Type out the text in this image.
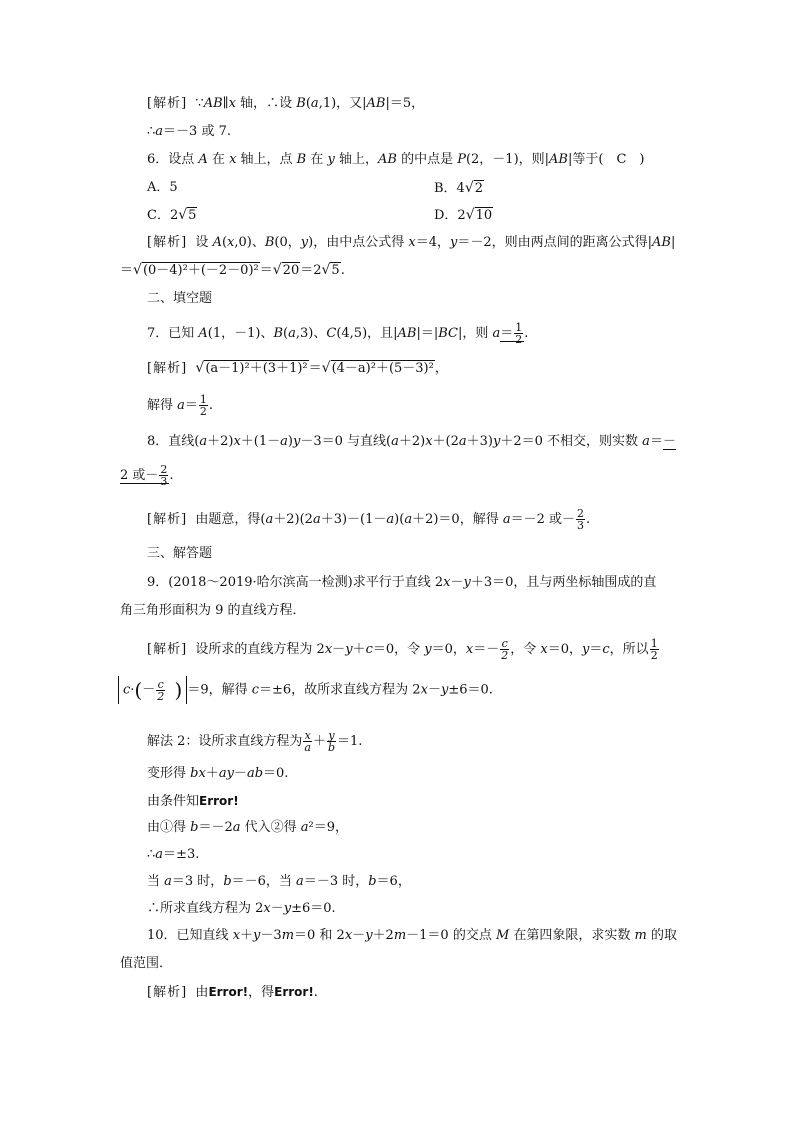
[解析] ∵AB∥x 轴，∴设 B(a,1)，又|AB|＝5，
∴a＝－3 或 7.
6．设点 A 在 x 轴上，点 B 在 y 轴上，AB 的中点是 P(2，－1)，则|AB|等于(　C　)
A．5	B．4√2
C．2√5	D．2√10
[解析] 设 A(x,0)、B(0，y)，由中点公式得 x＝4，y＝－2，则由两点间的距离公式得|AB|
＝√(0－4)²＋(－2－0)²＝√20＝2√5.
二、填空题
7．已知 A(1，－1)、B(a,3)、C(4,5)，且|AB|＝|BC|，则 $a= \frac{1}{2}$ .
[解析] √(a－1)²＋(3＋1)²＝√(4－a)²＋(5－3)²，
解得 $a= \frac{1}{2}$ .
8．直线(a＋2)x＋(1－a)y－3＝0 与直线(a＋2)x＋(2a＋3)y＋2＝0 不相交，则实数 a＝－
2 或－ $\frac{2}{3}$ .
[解析] 由题意，得(a＋2)(2a＋3)－(1－a)(a＋2)＝0，解得 a＝－2 或－ $\frac{2}{3}$ .
三、解答题
9．(2018～2019·哈尔滨高一检测)求平行于直线 2x－y＋3＝0，且与两坐标轴围成的直
角三角形面积为 9 的直线方程．
[解析] 设所求的直线方程为 2x－y＋c＝0，令 y＝0，$x=- \frac{c}{2}$ ，令 x＝0，y＝c，所以 $\frac{1}{2}$
$c\cdot(- \frac{c}{2}$ ) ＝9，解得 c＝±6，故所求直线方程为 2x－y±6＝0.
解法 2：设所求直线方程为 $\frac{x}{a} + \frac{y}{b} =1$.
变形得 bx＋ay－ab＝0.
由条件知Error!
由①得 b＝－2a 代入②得 a²＝9，
∴a＝±3.
当 a＝3 时，b＝－6，当 a＝－3 时，b＝6，
∴所求直线方程为 2x－y±6＝0.
10．已知直线 x＋y－3m＝0 和 2x－y＋2m－1＝0 的交点 M 在第四象限，求实数 m 的取
值范围．
[解析] 由Error!，得Error!.
